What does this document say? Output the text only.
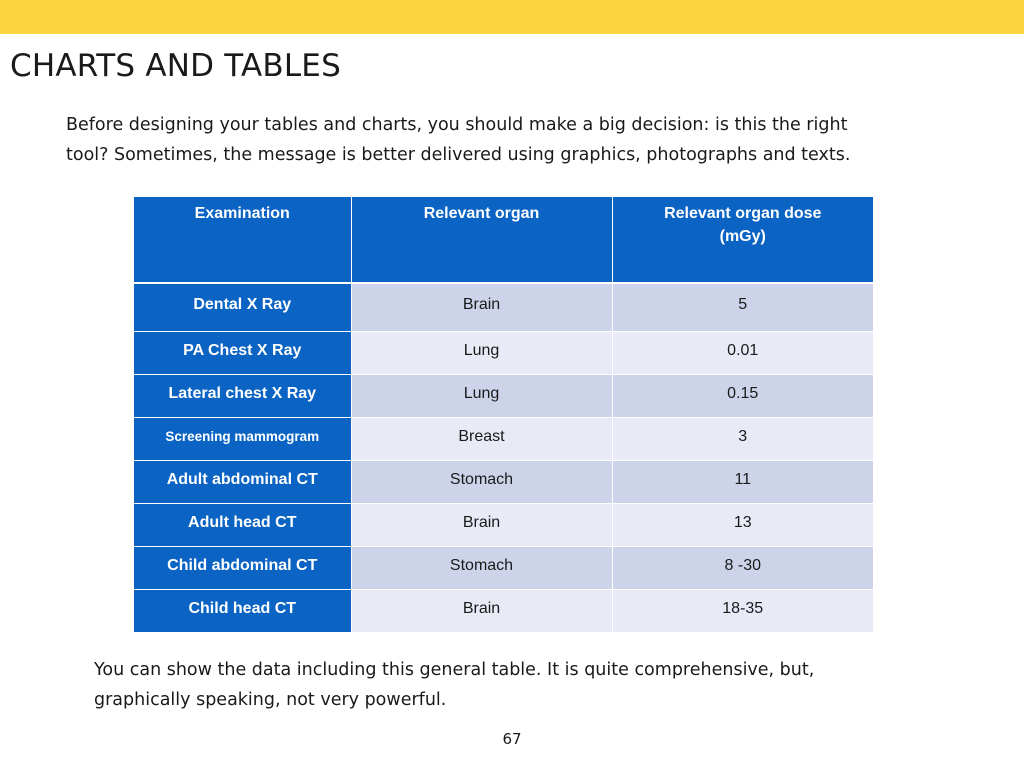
CHARTS AND TABLES
Before designing your tables and charts, you should make a big decision: is this the right
tool? Sometimes, the message is better delivered using graphics, photographs and texts.
Examination	Relevant organ	Relevant organ dose
(mGy)
Dental X Ray	Brain	5
PA Chest X Ray	Lung	0.01
Lateral chest X Ray	Lung	0.15
Screening mammogram	Breast	3
Adult abdominal CT	Stomach	11
Adult head CT	Brain	13
Child abdominal CT	Stomach	8 -30
Child head CT	Brain	18-35
You can show the data including this general table. It is quite comprehensive, but,
graphically speaking, not very powerful.
67
